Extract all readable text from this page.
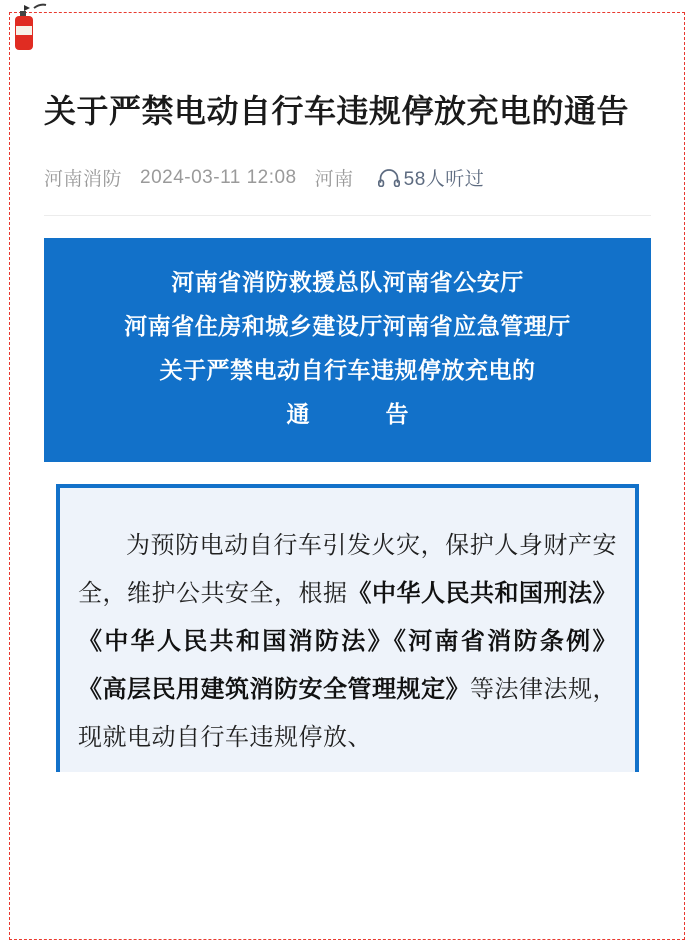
关于严禁电动自行车违规停放充电的通告
河南消防 2024-03-11 12:08 河南	58人听过
河南省消防救援总队河南省公安厅
河南省住房和城乡建设厅河南省应急管理厅
关于严禁电动自行车违规停放充电的
通　　告

为预防电动自行车引发火灾，保护人身财产安全，维护公共安全，根据《中华人民共和国刑法》《中华人民共和国消防法》《河南省消防条例》《高层民用建筑消防安全管理规定》等法律法规，现就电动自行车违规停放、
